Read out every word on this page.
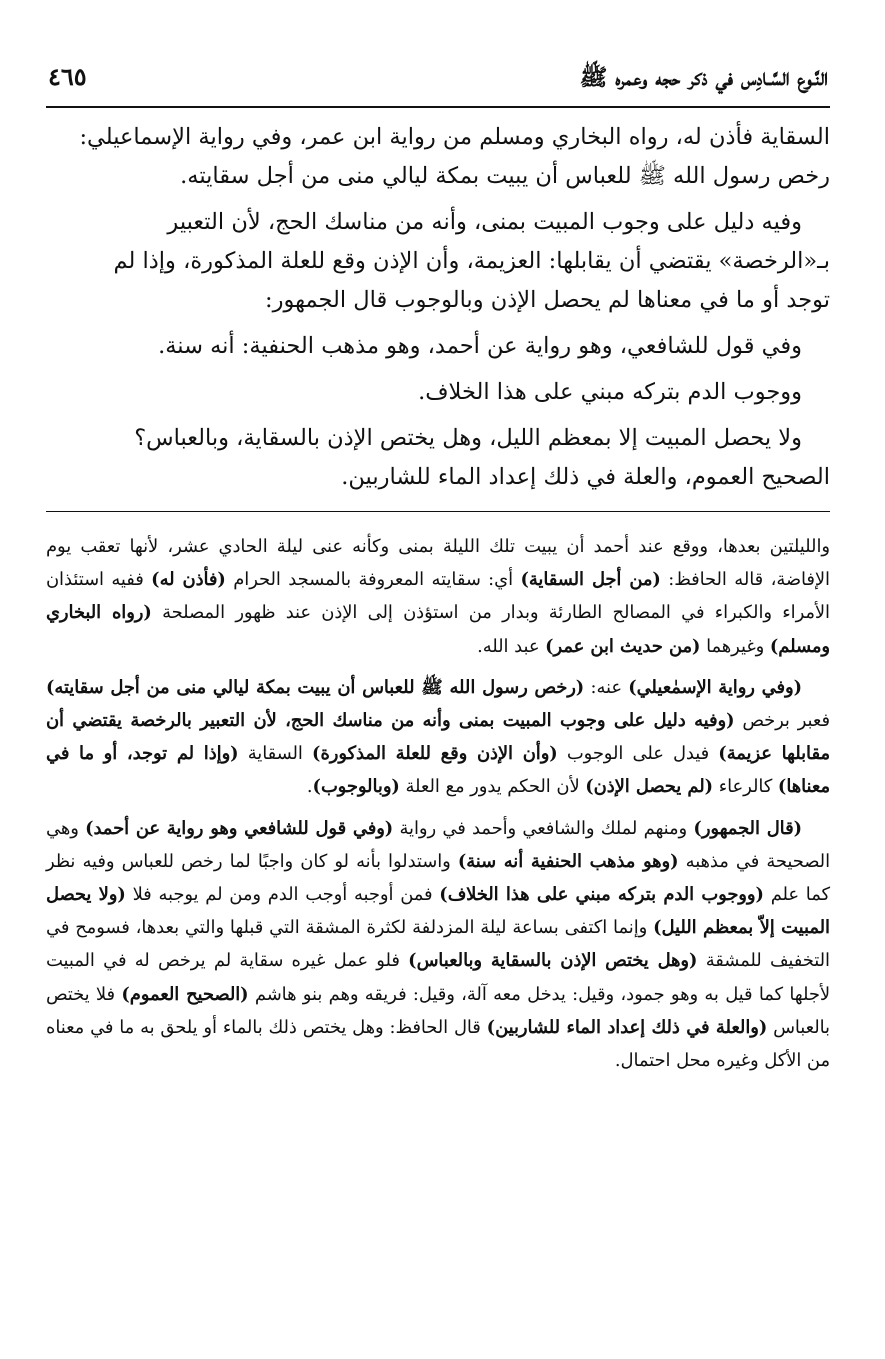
النَّـوع السَّـادِس في ذكر حجه وعمره ﷺ
٤٦٥

السقاية فأذن له، رواه البخاري ومسلم من رواية ابن عمر، وفي رواية الإسماعيلي:

رخص رسول الله ﷺ للعباس أن يبيت بمكة ليالي منى من أجل سقايته.

وفيه دليل على وجوب المبيت بمنى، وأنه من مناسك الحج، لأن التعبير

بـ«الرخصة» يقتضي أن يقابلها: العزيمة، وأن الإذن وقع للعلة المذكورة، وإذا لم

توجد أو ما في معناها لم يحصل الإذن وبالوجوب قال الجمهور:

وفي قول للشافعي، وهو رواية عن أحمد، وهو مذهب الحنفية: أنه سنة.

ووجوب الدم بتركه مبني على هذا الخلاف.

ولا يحصل المبيت إلا بمعظم الليل، وهل يختص الإذن بالسقاية، وبالعباس؟

الصحيح العموم، والعلة في ذلك إعداد الماء للشاربين.

والليلتين بعدها، ووقع عند أحمد أن يبيت تلك الليلة بمنى وكأنه عنى ليلة الحادي عشر، لأنها تعقب يوم الإفاضة، قاله الحافظ: (من أجل السقاية) أي: سقايته المعروفة بالمسجد الحرام (فأذن له) ففيه استئذان الأمراء والكبراء في المصالح الطارئة وبدار من استؤذن إلى الإذن عند ظهور المصلحة (رواه البخاري ومسلم) وغيرهما (من حديث ابن عمر) عبد الله.

(وفي رواية الإسمٰعيلي) عنه: (رخص رسول الله ﷺ للعباس أن يبيت بمكة ليالي منى من أجل سقايته) فعبر برخص (وفيه دليل على وجوب المبيت بمنى وأنه من مناسك الحج، لأن التعبير بالرخصة يقتضي أن مقابلها عزيمة) فيدل على الوجوب (وأن الإذن وقع للعلة المذكورة) السقاية (وإذا لم توجد، أو ما في معناها) كالرعاء (لم يحصل الإذن) لأن الحكم يدور مع العلة (وبالوجوب).

(قال الجمهور) ومنهم لملك والشافعي وأحمد في رواية (وفي قول للشافعي وهو رواية عن أحمد) وهي الصحيحة في مذهبه (وهو مذهب الحنفية أنه سنة) واستدلوا بأنه لو كان واجبًا لما رخص للعباس وفيه نظر كما علم (ووجوب الدم بتركه مبني على هذا الخلاف) فمن أوجبه أوجب الدم ومن لم يوجبه فلا (ولا يحصل المبيت إلاّ بمعظم الليل) وإنما اكتفى بساعة ليلة المزدلفة لكثرة المشقة التي قبلها والتي بعدها، فسومح في التخفيف للمشقة (وهل يختص الإذن بالسقاية وبالعباس) فلو عمل غيره سقاية لم يرخص له في المبيت لأجلها كما قيل به وهو جمود، وقيل: يدخل معه آلة، وقيل: فريقه وهم بنو هاشم (الصحيح العموم) فلا يختص بالعباس (والعلة في ذلك إعداد الماء للشاربين) قال الحافظ: وهل يختص ذلك بالماء أو يلحق به ما في معناه من الأكل وغيره محل احتمال.
